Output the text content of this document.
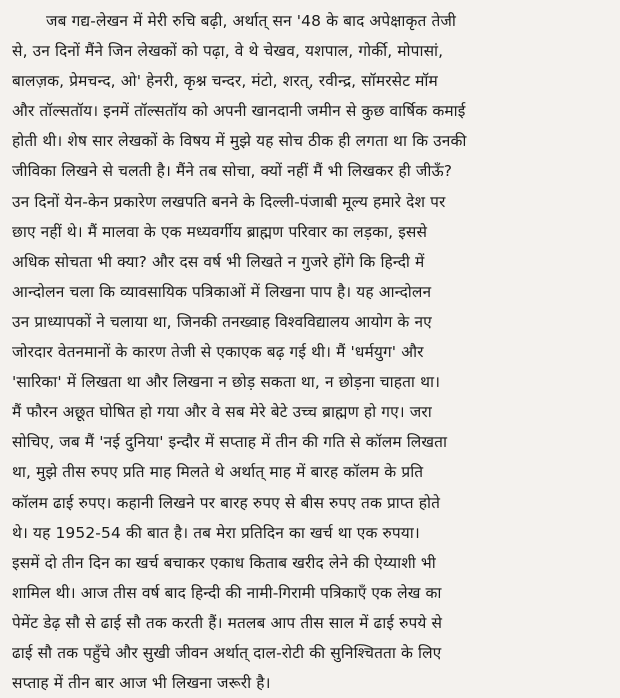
जब गद्य-लेखन में मेरी रुचि बढ़ी, अर्थात् सन '48 के बाद अपेक्षाकृत तेजी
से, उन दिनों मैंने जिन लेखकों को पढ़ा, वे थे चेखव, यशपाल, गोर्की, मोपासां,
बालज़क, प्रेमचन्द, ओ' हेनरी, कृश्न चन्दर, मंटो, शरत्, रवीन्द्र, सॉमरसेट मॉम
और तॉल्सतॉय। इनमें तॉल्सतॉय को अपनी खानदानी जमीन से कुछ वार्षिक कमाई
होती थी। शेष सार लेखकों के विषय में मुझे यह सोच ठीक ही लगता था कि उनकी
जीविका लिखने से चलती है। मैंने तब सोचा, क्यों नहीं मैं भी लिखकर ही जीऊँ?
उन दिनों येन-केन प्रकारेण लखपति बनने के दिल्ली-पंजाबी मूल्य हमारे देश पर
छाए नहीं थे। मैं मालवा के एक मध्यवर्गीय ब्राह्मण परिवार का लड़का, इससे
अधिक सोचता भी क्या? और दस वर्ष भी लिखते न गुजरे होंगे कि हिन्दी में
आन्दोलन चला कि व्यावसायिक पत्रिकाओं में लिखना पाप है। यह आन्दोलन
उन प्राध्यापकों ने चलाया था, जिनकी तनख्वाह विश्वविद्यालय आयोग के नए
जोरदार वेतनमानों के कारण तेजी से एकाएक बढ़ गई थी। मैं 'धर्मयुग' और
'सारिका' में लिखता था और लिखना न छोड़ सकता था, न छोड़ना चाहता था।
मैं फौरन अछूत घोषित हो गया और वे सब मेरे बेटे उच्च ब्राह्मण हो गए। जरा
सोचिए, जब मैं 'नई दुनिया' इन्दौर में सप्ताह में तीन की गति से कॉलम लिखता
था, मुझे तीस रुपए प्रति माह मिलते थे अर्थात् माह में बारह कॉलम के प्रति
कॉलम ढाई रुपए। कहानी लिखने पर बारह रुपए से बीस रुपए तक प्राप्त होते
थे। यह 1952-54 की बात है। तब मेरा प्रतिदिन का खर्च था एक रुपया।
इसमें दो तीन दिन का खर्च बचाकर एकाध किताब खरीद लेने की ऐय्याशी भी
शामिल थी। आज तीस वर्ष बाद हिन्दी की नामी-गिरामी पत्रिकाएँ एक लेख का
पेमेंट डेढ़ सौ से ढाई सौ तक करती हैं। मतलब आप तीस साल में ढाई रुपये से
ढाई सौ तक पहुँचे और सुखी जीवन अर्थात् दाल-रोटी की सुनिश्चितता के लिए
सप्ताह में तीन बार आज भी लिखना जरूरी है।
